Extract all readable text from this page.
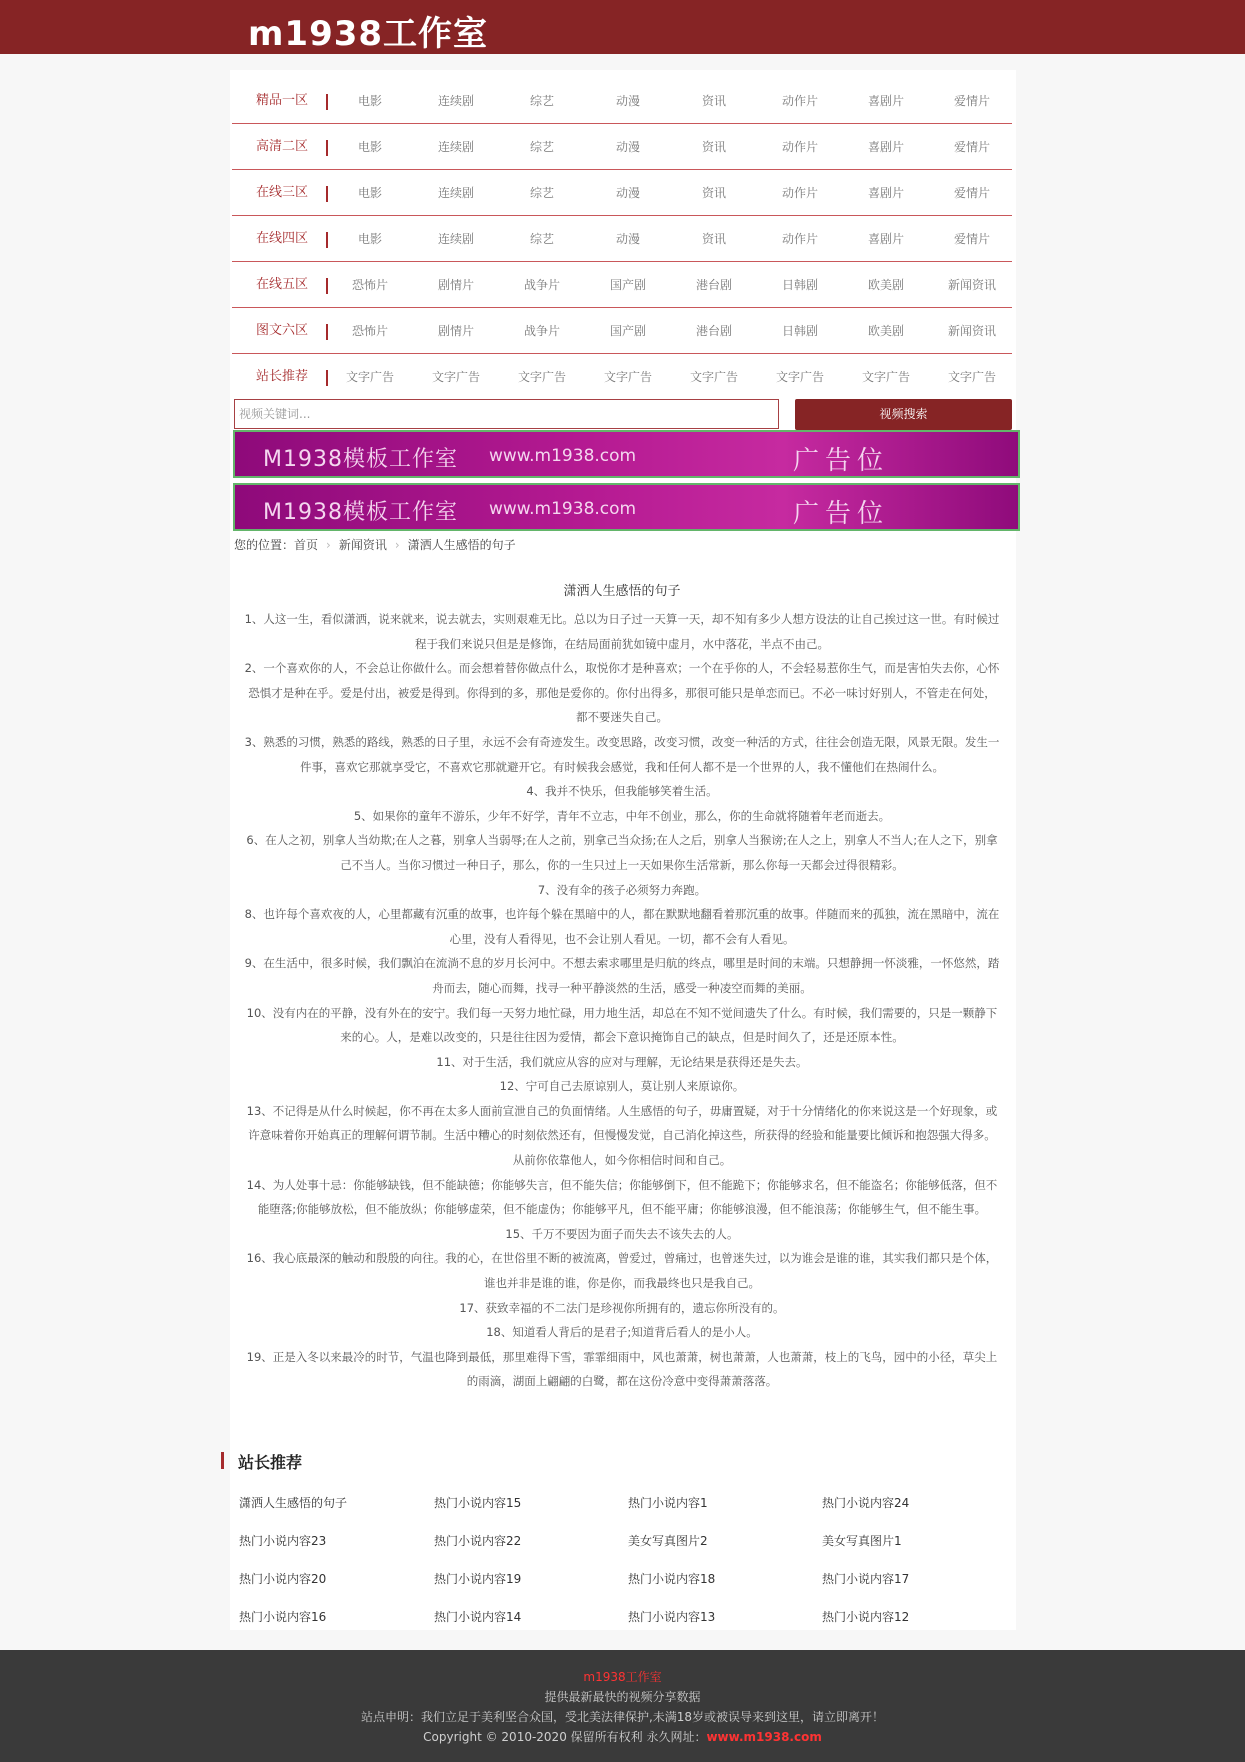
m1938工作室
精品一区	电影	连续剧	综艺	动漫	资讯	动作片	喜剧片	爱情片
高清二区	电影	连续剧	综艺	动漫	资讯	动作片	喜剧片	爱情片
在线三区	电影	连续剧	综艺	动漫	资讯	动作片	喜剧片	爱情片
在线四区	电影	连续剧	综艺	动漫	资讯	动作片	喜剧片	爱情片
在线五区	恐怖片	剧情片	战争片	国产剧	港台剧	日韩剧	欧美剧	新闻资讯
图文六区	恐怖片	剧情片	战争片	国产剧	港台剧	日韩剧	欧美剧	新闻资讯
站长推荐	文字广告	文字广告	文字广告	文字广告	文字广告	文字广告	文字广告	文字广告
视频关键词...	视频搜索
M1938模板工作室 www.m1938.com	广告位
M1938模板工作室 www.m1938.com	广告位
您的位置：首页 › 新闻资讯 › 潇洒人生感悟的句子
潇洒人生感悟的句子

1、人这一生，看似潇洒，说来就来，说去就去，实则艰难无比。总以为日子过一天算一天，却不知有多少人想方设法的让自己挨过这一世。有时候过程于我们来说只但是是修饰，在结局面前犹如镜中虚月，水中落花，半点不由己。

2、一个喜欢你的人，不会总让你做什么。而会想着替你做点什么，取悦你才是种喜欢；一个在乎你的人，不会轻易惹你生气，而是害怕失去你，心怀恐惧才是种在乎。爱是付出，被爱是得到。你得到的多，那他是爱你的。你付出得多，那很可能只是单恋而已。不必一味讨好别人，不管走在何处，都不要迷失自己。

3、熟悉的习惯，熟悉的路线，熟悉的日子里，永远不会有奇迹发生。改变思路，改变习惯，改变一种活的方式，往往会创造无限，风景无限。发生一件事，喜欢它那就享受它，不喜欢它那就避开它。有时候我会感觉，我和任何人都不是一个世界的人，我不懂他们在热闹什么。

4、我并不快乐，但我能够笑着生活。

5、如果你的童年不游乐，少年不好学，青年不立志，中年不创业，那么，你的生命就将随着年老而逝去。

6、在人之初，别拿人当幼欺;在人之暮，别拿人当弱辱;在人之前，别拿己当众扬;在人之后，别拿人当猴谤;在人之上，别拿人不当人;在人之下，别拿己不当人。当你习惯过一种日子，那么，你的一生只过上一天如果你生活常新，那么你每一天都会过得很精彩。

7、没有伞的孩子必须努力奔跑。

8、也许每个喜欢夜的人，心里都藏有沉重的故事，也许每个躲在黑暗中的人，都在默默地翻看着那沉重的故事。伴随而来的孤独，流在黑暗中，流在心里，没有人看得见，也不会让别人看见。一切，都不会有人看见。

9、在生活中，很多时候，我们飘泊在流淌不息的岁月长河中。不想去索求哪里是归航的终点，哪里是时间的末端。只想静拥一怀淡雅，一怀悠然，踏舟而去，随心而舞，找寻一种平静淡然的生活，感受一种凌空而舞的美丽。

10、没有内在的平静，没有外在的安宁。我们每一天努力地忙碌，用力地生活，却总在不知不觉间遗失了什么。有时候，我们需要的，只是一颗静下来的心。人，是难以改变的，只是往往因为爱情，都会下意识掩饰自己的缺点，但是时间久了，还是还原本性。

11、对于生活，我们就应从容的应对与理解，无论结果是获得还是失去。

12、宁可自己去原谅别人，莫让别人来原谅你。

13、不记得是从什么时候起，你不再在太多人面前宣泄自己的负面情绪。人生感悟的句子，毋庸置疑，对于十分情绪化的你来说这是一个好现象，或许意味着你开始真正的理解何谓节制。生活中糟心的时刻依然还有，但慢慢发觉，自己消化掉这些，所获得的经验和能量要比倾诉和抱怨强大得多。从前你依靠他人，如今你相信时间和自己。

14、为人处事十忌：你能够缺钱，但不能缺德；你能够失言，但不能失信；你能够倒下，但不能跪下；你能够求名，但不能盗名；你能够低落，但不能堕落;你能够放松，但不能放纵；你能够虚荣，但不能虚伪；你能够平凡，但不能平庸；你能够浪漫，但不能浪荡；你能够生气，但不能生事。

15、千万不要因为面子而失去不该失去的人。

16、我心底最深的触动和殷殷的向往。我的心，在世俗里不断的被流离，曾爱过，曾痛过，也曾迷失过，以为谁会是谁的谁，其实我们都只是个体，谁也并非是谁的谁，你是你，而我最终也只是我自己。

17、获致幸福的不二法门是珍视你所拥有的，遗忘你所没有的。

18、知道看人背后的是君子;知道背后看人的是小人。

19、正是入冬以来最冷的时节，气温也降到最低，那里难得下雪，霏霏细雨中，风也萧萧，树也萧萧，人也萧萧，枝上的飞鸟，园中的小径，草尖上的雨滴，湖面上翩翩的白鹭，都在这份冷意中变得萧萧落落。

站长推荐
潇洒人生感悟的句子	热门小说内容15	热门小说内容1	热门小说内容24
热门小说内容23	热门小说内容22	美女写真图片2	美女写真图片1
热门小说内容20	热门小说内容19	热门小说内容18	热门小说内容17
热门小说内容16	热门小说内容14	热门小说内容13	热门小说内容12
m1938工作室
提供最新最快的视频分享数据
站点申明：我们立足于美利坚合众国，受北美法律保护,未满18岁或被误导来到这里，请立即离开！
Copyright © 2010-2020 保留所有权利 永久网址：www.m1938.com
